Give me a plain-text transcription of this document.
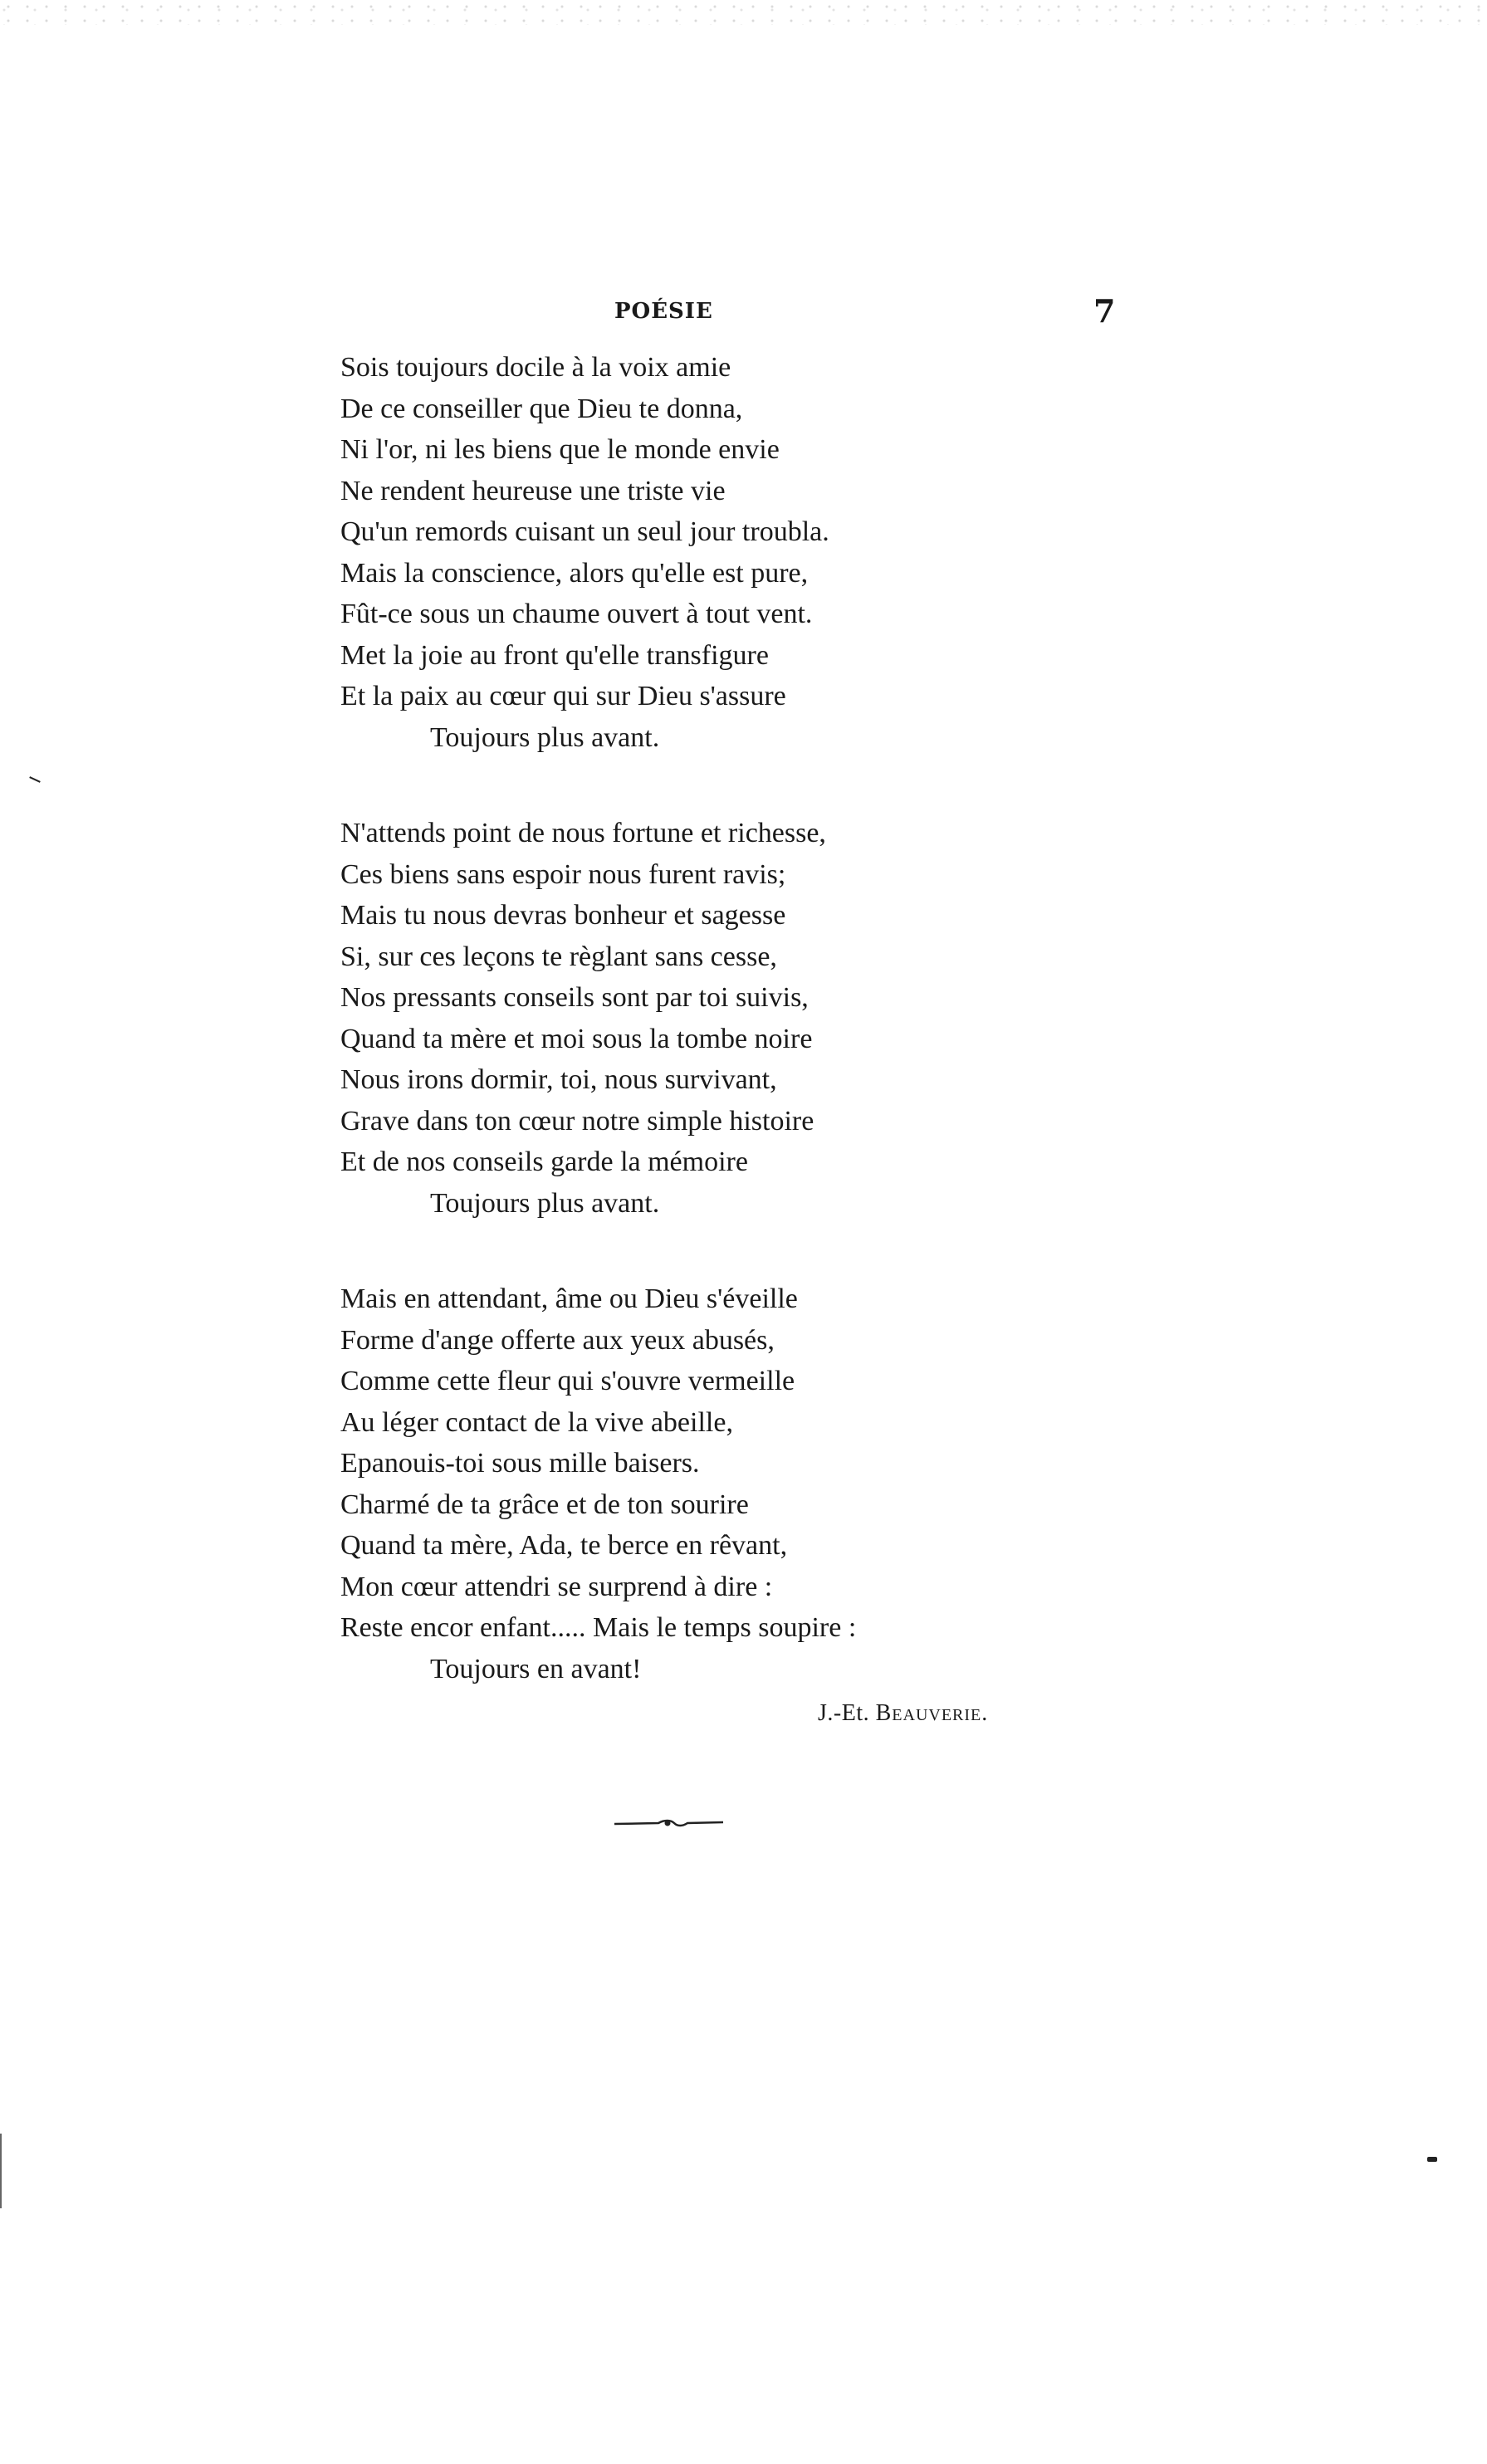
POÉSIE	7
Sois toujours docile à la voix amie
De ce conseiller que Dieu te donna,
Ni l'or, ni les biens que le monde envie
Ne rendent heureuse une triste vie
Qu'un remords cuisant un seul jour troubla.
Mais la conscience, alors qu'elle est pure,
Fût-ce sous un chaume ouvert à tout vent.
Met la joie au front qu'elle transfigure
Et la paix au cœur qui sur Dieu s'assure
Toujours plus avant.
N'attends point de nous fortune et richesse,
Ces biens sans espoir nous furent ravis;
Mais tu nous devras bonheur et sagesse
Si, sur ces leçons te règlant sans cesse,
Nos pressants conseils sont par toi suivis,
Quand ta mère et moi sous la tombe noire
Nous irons dormir, toi, nous survivant,
Grave dans ton cœur notre simple histoire
Et de nos conseils garde la mémoire
Toujours plus avant.
Mais en attendant, âme ou Dieu s'éveille
Forme d'ange offerte aux yeux abusés,
Comme cette fleur qui s'ouvre vermeille
Au léger contact de la vive abeille,
Epanouis-toi sous mille baisers.
Charmé de ta grâce et de ton sourire
Quand ta mère, Ada, te berce en rêvant,
Mon cœur attendri se surprend à dire :
Reste encor enfant..... Mais le temps soupire :
Toujours en avant!
J.-Et. Beauverie.
